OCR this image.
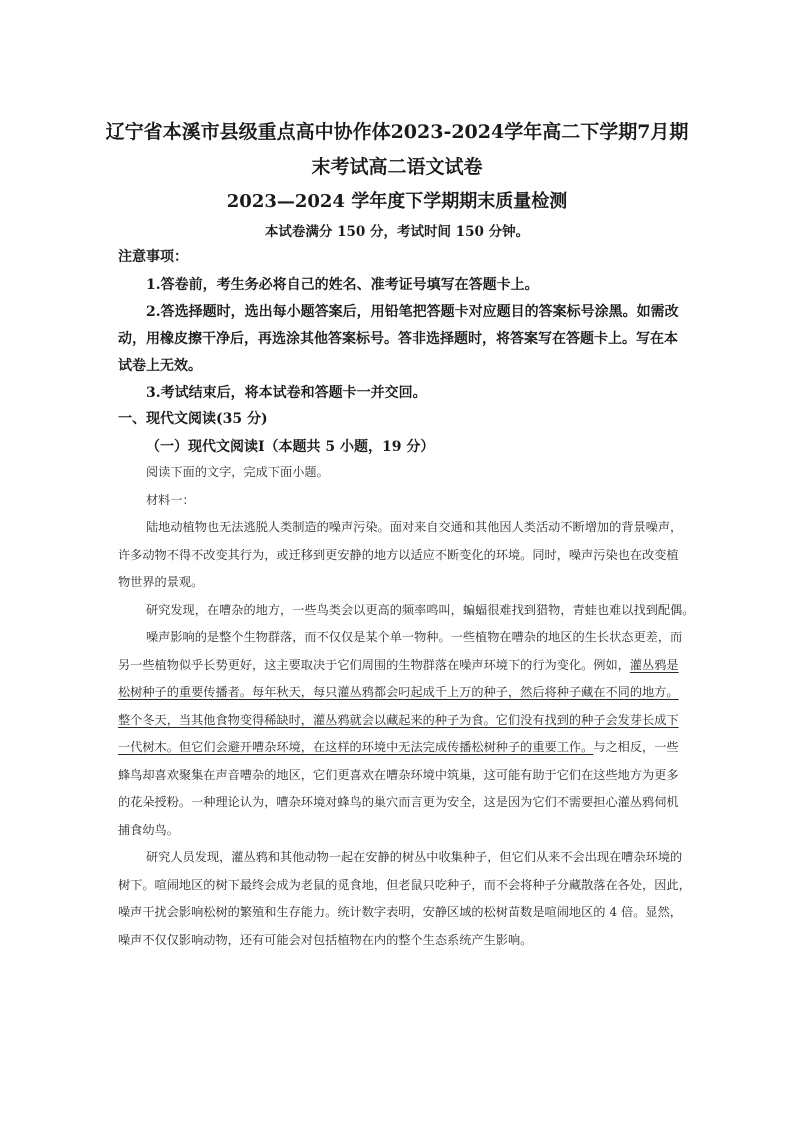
辽宁省本溪市县级重点高中协作体2023-2024学年高二下学期7月期
末考试高二语文试卷
2023—2024 学年度下学期期末质量检测
本试卷满分 150 分，考试时间 150 分钟。
注意事项：
1.答卷前，考生务必将自己的姓名、准考证号填写在答题卡上。
2.答选择题时，选出每小题答案后，用铅笔把答题卡对应题目的答案标号涂黑。如需改
动，用橡皮擦干净后，再选涂其他答案标号。答非选择题时，将答案写在答题卡上。写在本
试卷上无效。
3.考试结束后，将本试卷和答题卡一并交回。
一、现代文阅读(35 分)
（一）现代文阅读Ⅰ（本题共 5 小题，19 分）
阅读下面的文字，完成下面小题。
材料一：
陆地动植物也无法逃脱人类制造的噪声污染。面对来自交通和其他因人类活动不断增加的背景噪声，
许多动物不得不改变其行为，或迁移到更安静的地方以适应不断变化的环境。同时，噪声污染也在改变植
物世界的景观。
研究发现，在嘈杂的地方，一些鸟类会以更高的频率鸣叫，蝙蝠很难找到猎物，青蛙也难以找到配偶。
噪声影响的是整个生物群落，而不仅仅是某个单一物种。一些植物在嘈杂的地区的生长状态更差，而
另一些植物似乎长势更好，这主要取决于它们周围的生物群落在噪声环境下的行为变化。例如，灌丛鸦是
松树种子的重要传播者。每年秋天，每只灌丛鸦都会叼起成千上万的种子，然后将种子藏在不同的地方。
整个冬天，当其他食物变得稀缺时，灌丛鸦就会以藏起来的种子为食。它们没有找到的种子会发芽长成下
一代树木。但它们会避开嘈杂环境，在这样的环境中无法完成传播松树种子的重要工作。与之相反，一些
蜂鸟却喜欢聚集在声音嘈杂的地区，它们更喜欢在嘈杂环境中筑巢，这可能有助于它们在这些地方为更多
的花朵授粉。一种理论认为，嘈杂环境对蜂鸟的巢穴而言更为安全，这是因为它们不需要担心灌丛鸦伺机
捕食幼鸟。
研究人员发现，灌丛鸦和其他动物一起在安静的树丛中收集种子，但它们从来不会出现在嘈杂环境的
树下。喧闹地区的树下最终会成为老鼠的觅食地，但老鼠只吃种子，而不会将种子分藏散落在各处，因此，
噪声干扰会影响松树的繁殖和生存能力。统计数字表明，安静区域的松树苗数是喧闹地区的 4 倍。显然，
噪声不仅仅影响动物，还有可能会对包括植物在内的整个生态系统产生影响。
